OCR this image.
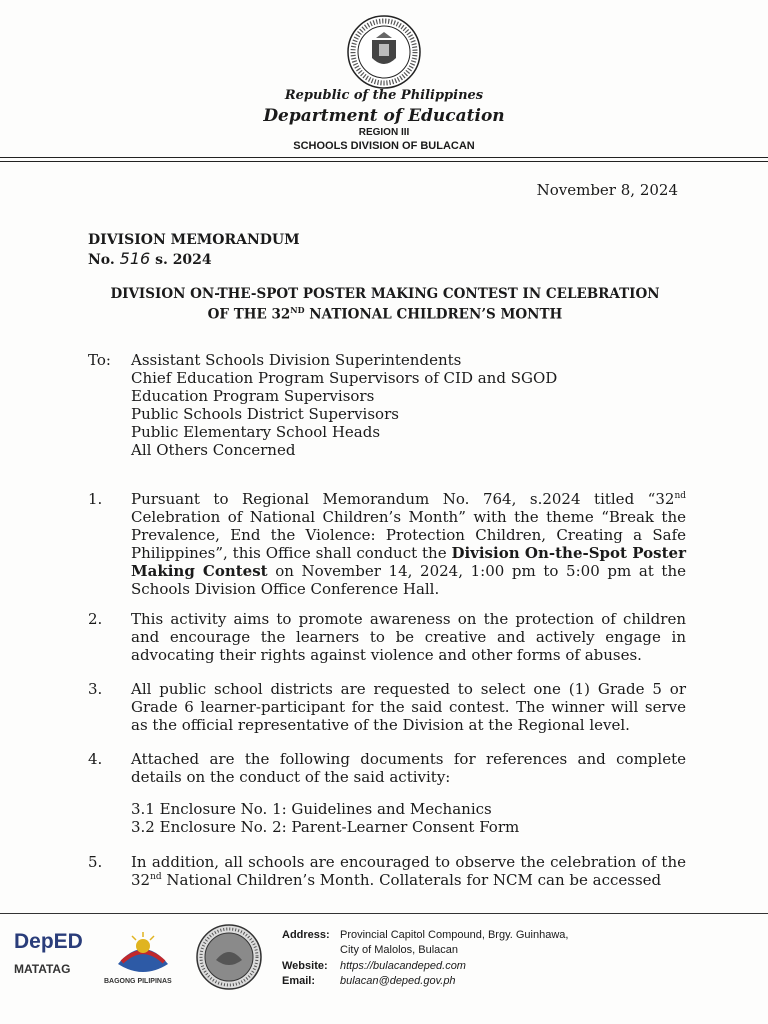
Republic of the Philippines
Department of Education
REGION III
SCHOOLS DIVISION OF BULACAN
November 8, 2024
DIVISION MEMORANDUM
No. 516 s. 2024
DIVISION ON-THE-SPOT POSTER MAKING CONTEST IN CELEBRATION
OF THE 32ND NATIONAL CHILDREN’S MONTH
To: Assistant Schools Division Superintendents
Chief Education Program Supervisors of CID and SGOD
Education Program Supervisors
Public Schools District Supervisors
Public Elementary School Heads
All Others Concerned
1. Pursuant to Regional Memorandum No. 764, s.2024 titled “32nd Celebration of National Children’s Month” with the theme “Break the Prevalence, End the Violence: Protection Children, Creating a Safe Philippines”, this Office shall conduct the Division On-the-Spot Poster Making Contest on November 14, 2024, 1:00 pm to 5:00 pm at the Schools Division Office Conference Hall.
2. This activity aims to promote awareness on the protection of children and encourage the learners to be creative and actively engage in advocating their rights against violence and other forms of abuses.
3. All public school districts are requested to select one (1) Grade 5 or Grade 6 learner-participant for the said contest. The winner will serve as the official representative of the Division at the Regional level.
4. Attached are the following documents for references and complete details on the conduct of the said activity:
3.1 Enclosure No. 1: Guidelines and Mechanics
3.2 Enclosure No. 2: Parent-Learner Consent Form
5. In addition, all schools are encouraged to observe the celebration of the 32nd National Children’s Month. Collaterals for NCM can be accessed
DepED
MATATAG
BAGONG PILIPINAS
Address: Provincial Capitol Compound, Brgy. Guinhawa,
City of Malolos, Bulacan
Website: https://bulacandeped.com
Email: bulacan@deped.gov.ph
